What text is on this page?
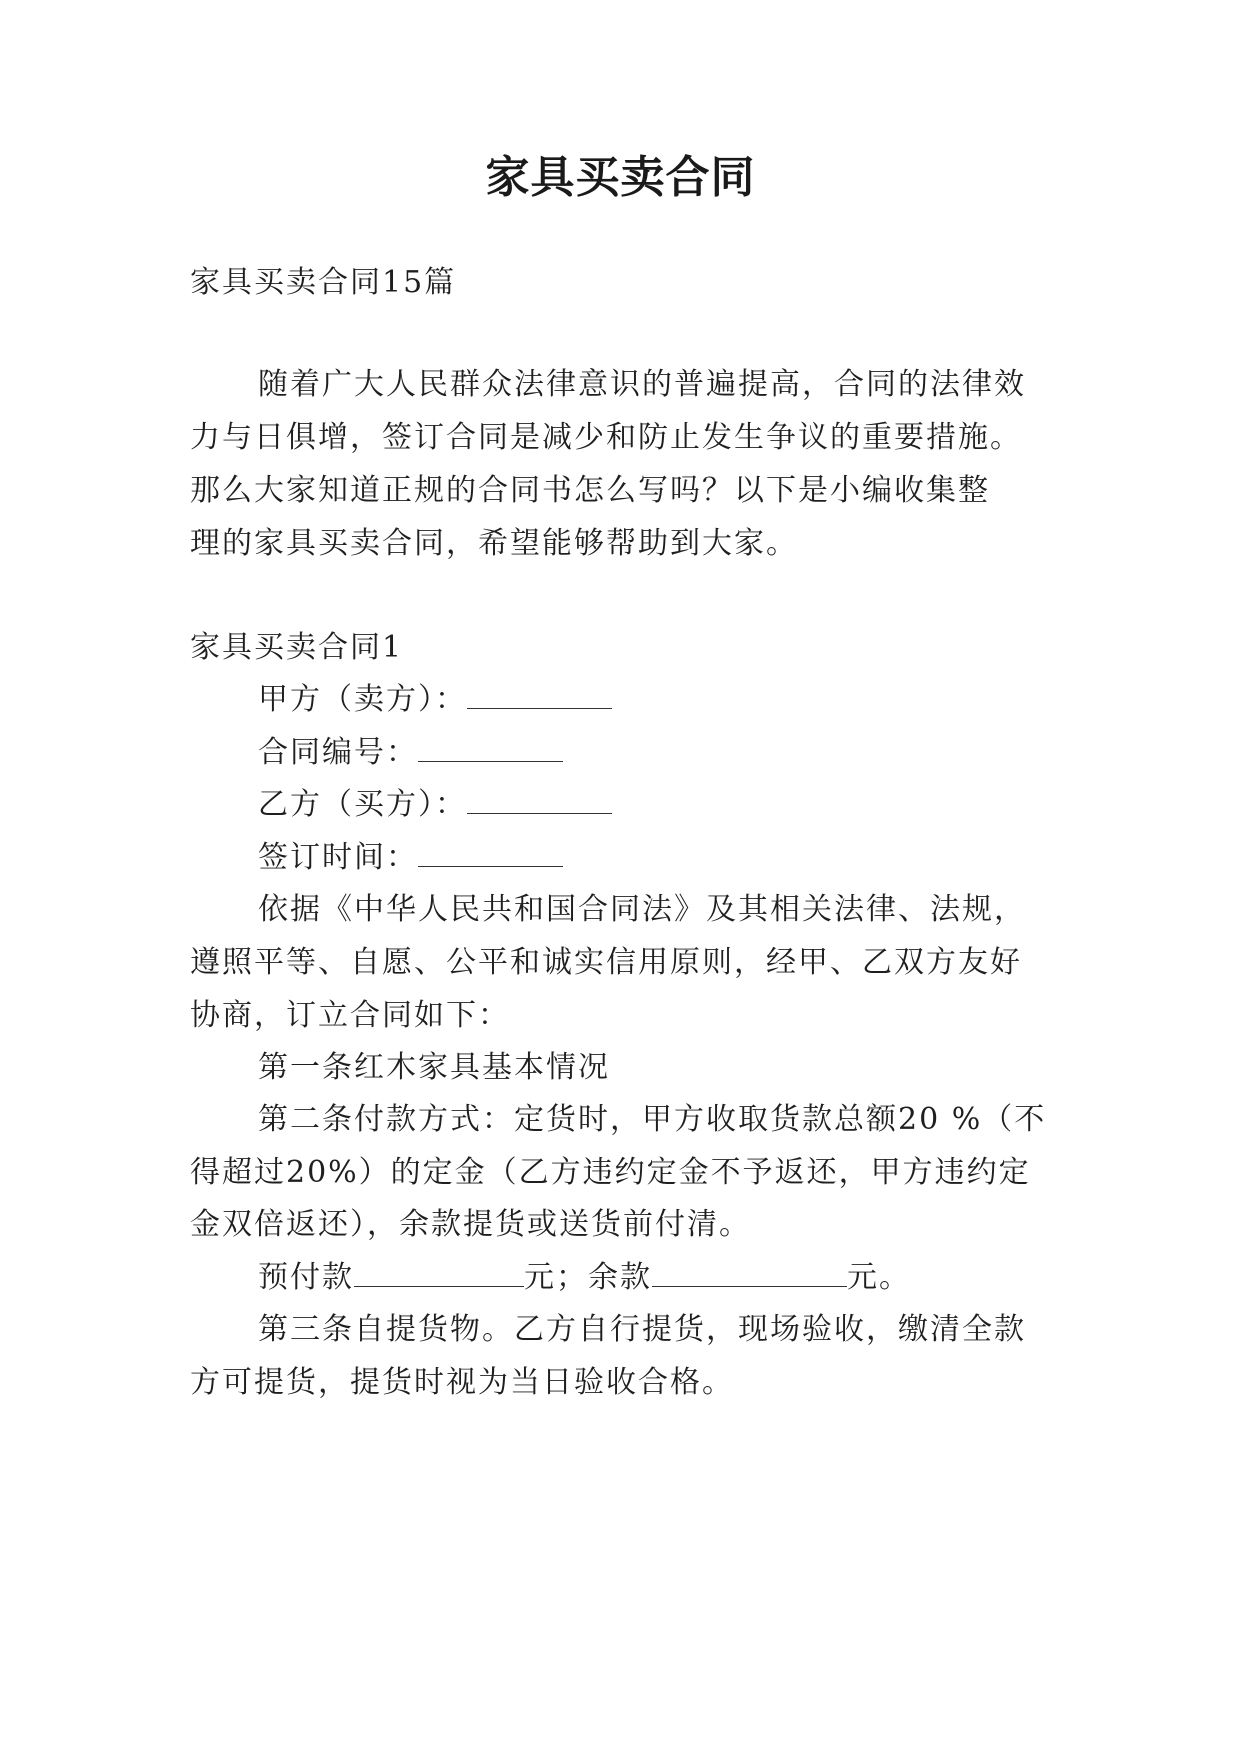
家具买卖合同
家具买卖合同15篇
随着广大人民群众法律意识的普遍提高，合同的法律效
力与日俱增，签订合同是减少和防止发生争议的重要措施。
那么大家知道正规的合同书怎么写吗？以下是小编收集整
理的家具买卖合同，希望能够帮助到大家。
家具买卖合同1
甲方（卖方）：
合同编号：
乙方（买方）：
签订时间：
依据《中华人民共和国合同法》及其相关法律、法规，
遵照平等、自愿、公平和诚实信用原则，经甲、乙双方友好
协商，订立合同如下：
第一条红木家具基本情况
第二条付款方式：定货时，甲方收取货款总额20 %（不
得超过20%）的定金（乙方违约定金不予返还，甲方违约定
金双倍返还），余款提货或送货前付清。
预付款	元；余款	元。
第三条自提货物。乙方自行提货，现场验收，缴清全款
方可提货，提货时视为当日验收合格。
